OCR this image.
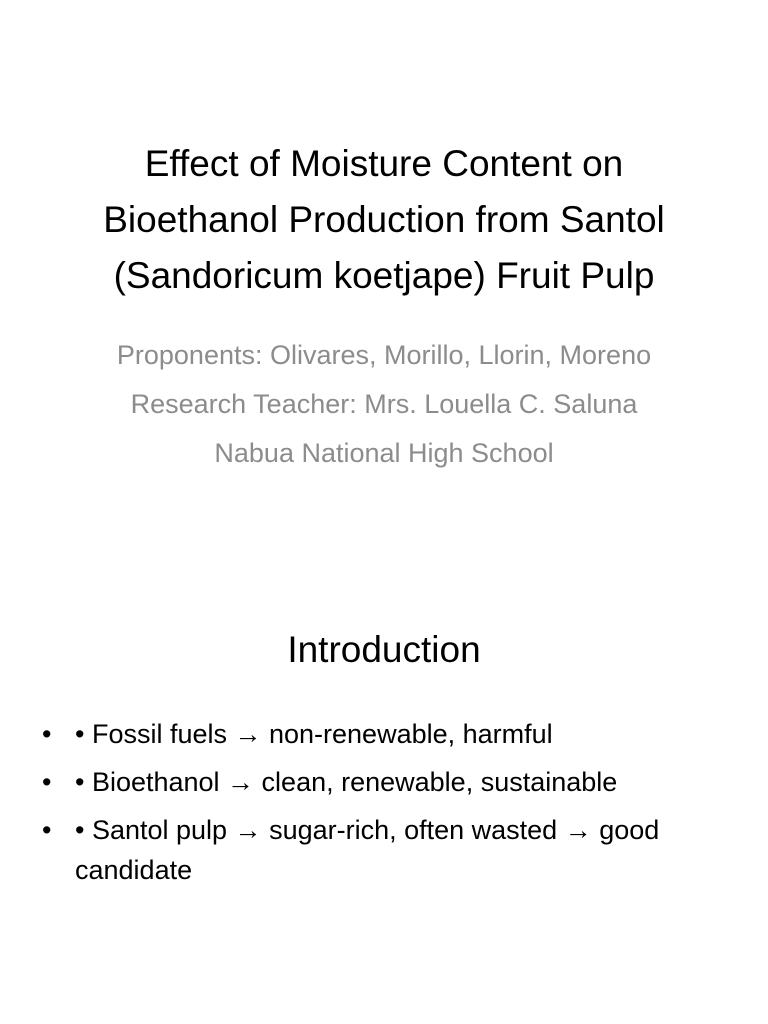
Effect of Moisture Content on Bioethanol Production from Santol (Sandoricum koetjape) Fruit Pulp

Proponents: Olivares, Morillo, Llorin, Moreno

Research Teacher: Mrs. Louella C. Saluna

Nabua National High School

Introduction
• • Fossil fuels → non-renewable, harmful
• • Bioethanol → clean, renewable, sustainable
• • Santol pulp → sugar-rich, often wasted → good candidate
